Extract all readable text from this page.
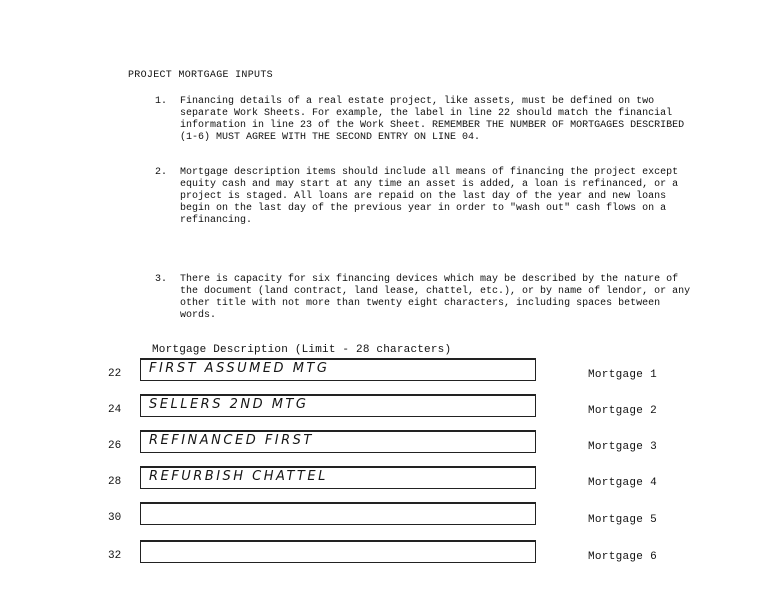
PROJECT MORTGAGE INPUTS
1.	Financing details of a real estate project, like assets, must be defined on two separate Work Sheets. For example, the label in line 22 should match the financial information in line 23 of the Work Sheet. REMEMBER THE NUMBER OF MORTGAGES DESCRIBED (1-6) MUST AGREE WITH THE SECOND ENTRY ON LINE 04.
2.	Mortgage description items should include all means of financing the project except equity cash and may start at any time an asset is added, a loan is refinanced, or a project is staged. All loans are repaid on the last day of the year and new loans begin on the last day of the previous year in order to "wash out" cash flows on a refinancing.
3.	There is capacity for six financing devices which may be described by the nature of the document (land contract, land lease, chattel, etc.), or by name of lendor, or any other title with not more than twenty eight characters, including spaces between words.
Mortgage Description (Limit - 28 characters)
22 FIRST ASSUMED MTG	Mortgage 1
24 SELLERS 2ND MTG	Mortgage 2
26 REFINANCED FIRST	Mortgage 3
28 REFURBISH CHATTEL	Mortgage 4
30	Mortgage 5
32	Mortgage 6
